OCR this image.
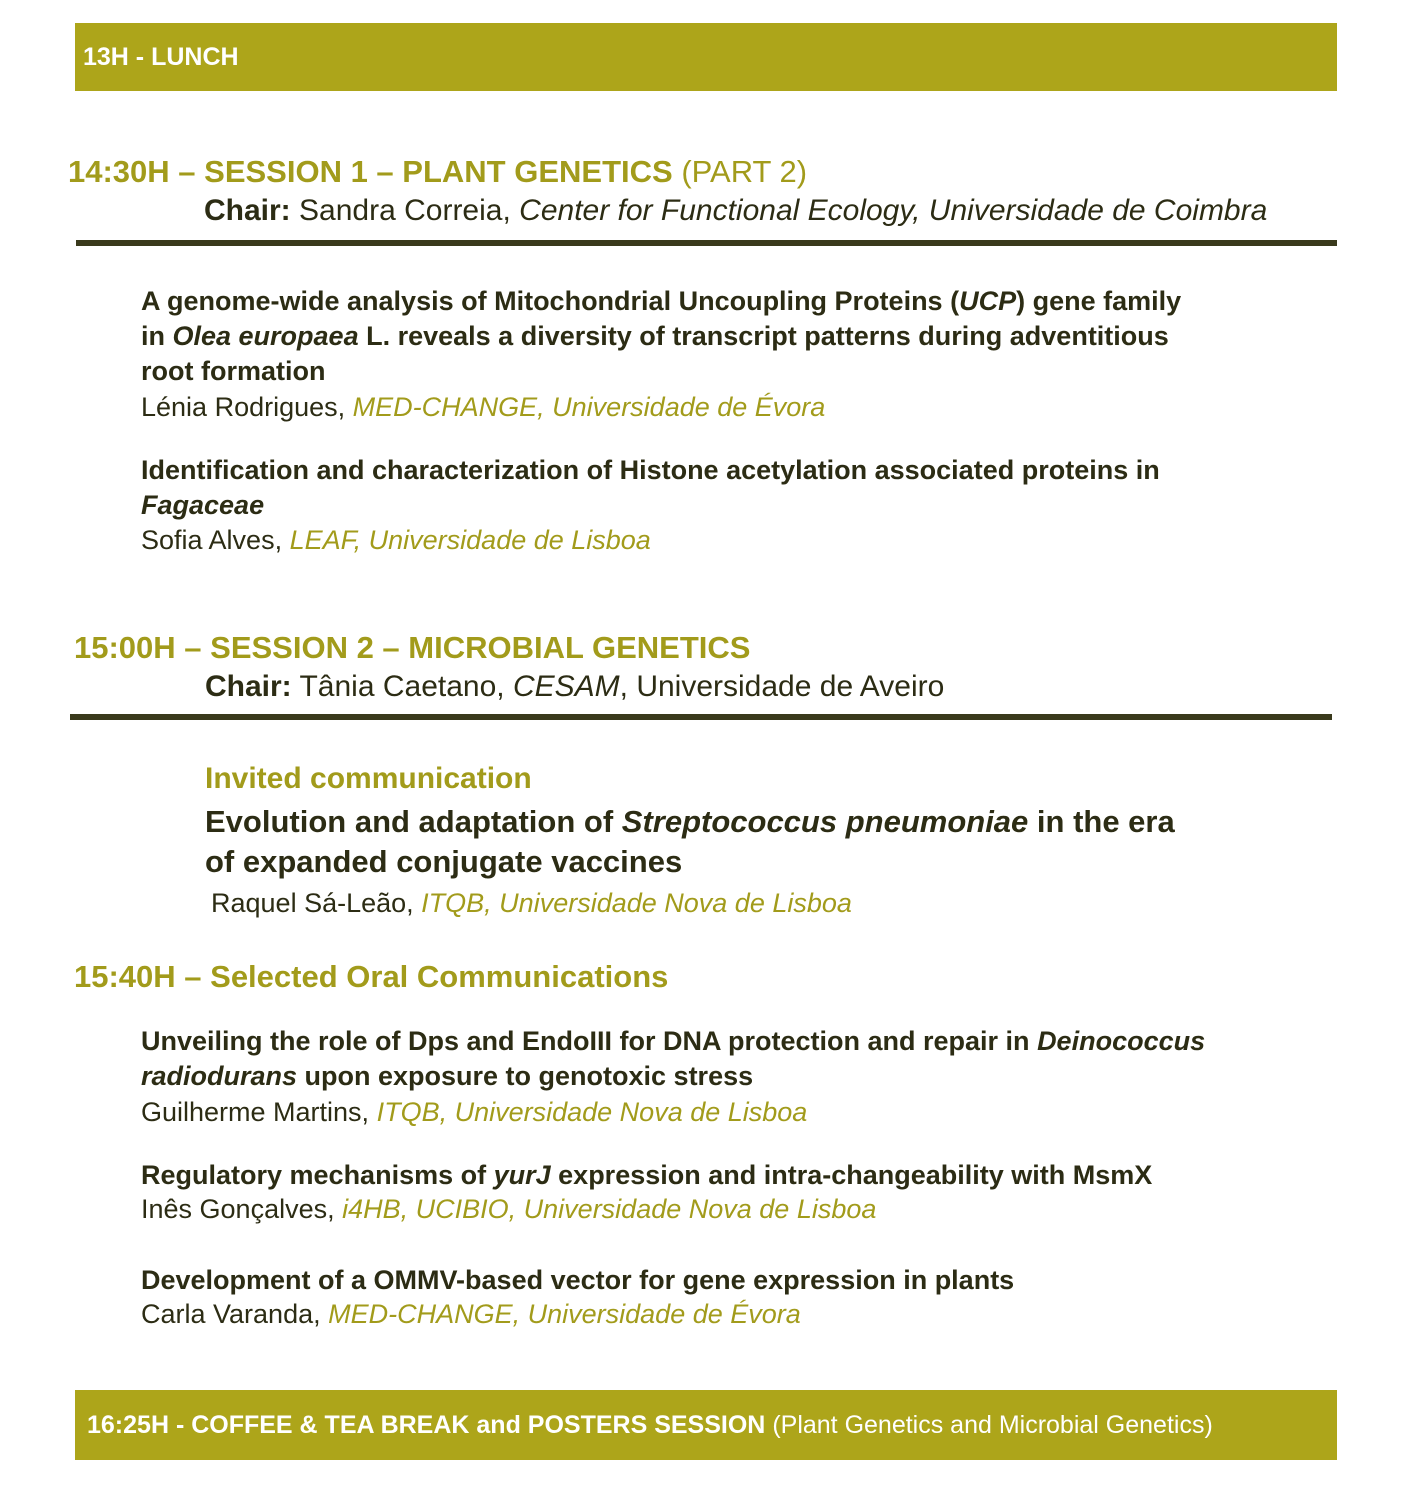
13H - LUNCH
14:30H – SESSION 1 – PLANT GENETICS (PART 2)
Chair: Sandra Correia, Center for Functional Ecology, Universidade de Coimbra
A genome-wide analysis of Mitochondrial Uncoupling Proteins (UCP) gene family
in Olea europaea L. reveals a diversity of transcript patterns during adventitious
root formation
Lénia Rodrigues, MED-CHANGE, Universidade de Évora
Identification and characterization of Histone acetylation associated proteins in
Fagaceae
Sofia Alves, LEAF, Universidade de Lisboa
15:00H – SESSION 2 – MICROBIAL GENETICS
Chair: Tânia Caetano, CESAM, Universidade de Aveiro
Invited communication
Evolution and adaptation of Streptococcus pneumoniae in the era
of expanded conjugate vaccines
Raquel Sá-Leão, ITQB, Universidade Nova de Lisboa
15:40H – Selected Oral Communications
Unveiling the role of Dps and EndoIII for DNA protection and repair in Deinococcus
radiodurans upon exposure to genotoxic stress
Guilherme Martins, ITQB, Universidade Nova de Lisboa
Regulatory mechanisms of yurJ expression and intra-changeability with MsmX
Inês Gonçalves, i4HB, UCIBIO, Universidade Nova de Lisboa
Development of a OMMV-based vector for gene expression in plants
Carla Varanda, MED-CHANGE, Universidade de Évora
16:25H - COFFEE & TEA BREAK and POSTERS SESSION
(Plant Genetics and Microbial Genetics)
